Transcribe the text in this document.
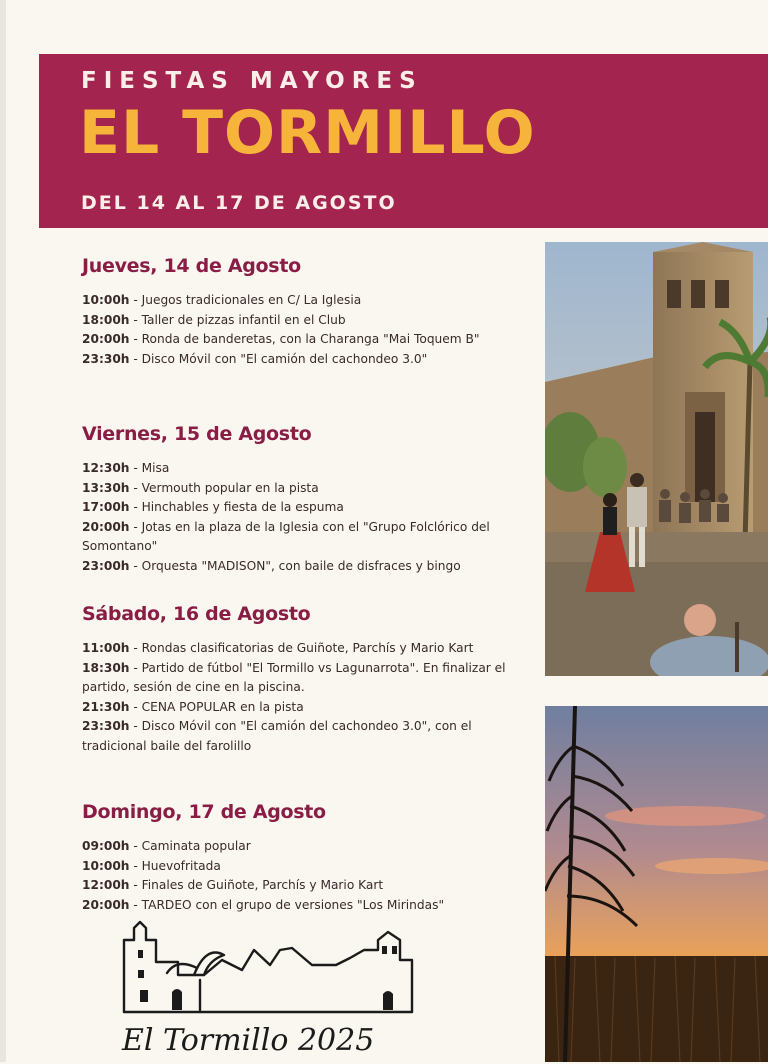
FIESTAS MAYORES
EL TORMILLO
DEL 14 AL 17 DE AGOSTO
Jueves, 14 de Agosto
10:00h - Juegos tradicionales en C/ La Iglesia
18:00h - Taller de pizzas infantil en el Club
20:00h - Ronda de banderetas, con la Charanga "Mai Toquem B"
23:30h - Disco Móvil con "El camión del cachondeo 3.0"
Viernes, 15 de Agosto
12:30h - Misa
13:30h - Vermouth popular en la pista
17:00h - Hinchables y fiesta de la espuma
20:00h - Jotas en la plaza de la Iglesia con el "Grupo Folclórico del Somontano"
23:00h - Orquesta "MADISON", con baile de disfraces y bingo
Sábado, 16 de Agosto
11:00h - Rondas clasificatorias de Guiñote, Parchís y Mario Kart
18:30h - Partido de fútbol "El Tormillo vs Lagunarrota". En finalizar el partido, sesión de cine en la piscina.
21:30h - CENA POPULAR en la pista
23:30h - Disco Móvil con "El camión del cachondeo 3.0", con el tradicional baile del farolillo
Domingo, 17 de Agosto
09:00h - Caminata popular
10:00h - Huevofritada
12:00h - Finales de Guiñote, Parchís y Mario Kart
20:00h - TARDEO con el grupo de versiones "Los Mirindas"
El Tormillo 2025
